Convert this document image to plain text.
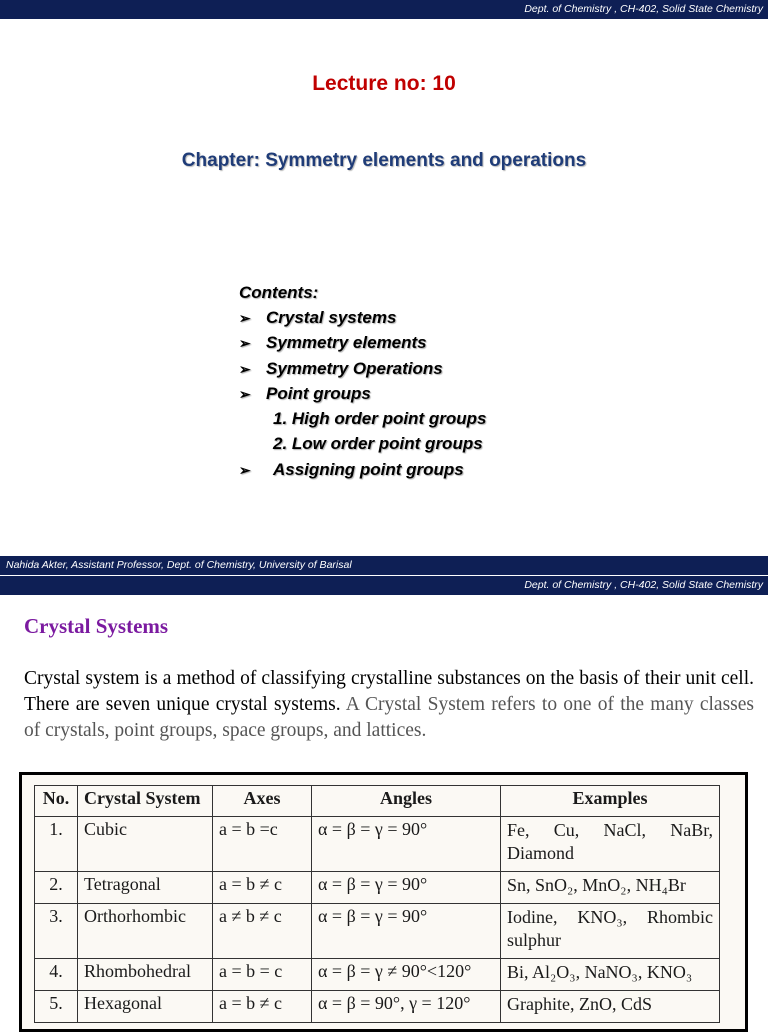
Dept. of Chemistry , CH-402, Solid State Chemistry
Lecture no: 10
Chapter: Symmetry elements and operations
Contents:
➢ Crystal systems
➢ Symmetry elements
➢ Symmetry Operations
➢ Point groups
1. High order point groups
2. Low order point groups
➢ Assigning point groups
Nahida Akter, Assistant Professor, Dept. of Chemistry, University of Barisal
Dept. of Chemistry , CH-402, Solid State Chemistry
Crystal Systems
Crystal system is a method of classifying crystalline substances on the basis of their unit cell. There are seven unique crystal systems. A Crystal System refers to one of the many classes of crystals, point groups, space groups, and lattices.
No.	Crystal System	Axes	Angles	Examples
1.	Cubic	a = b =c	α = β = γ = 90°	Fe, Cu, NaCl, NaBr, Diamond
2.	Tetragonal	a = b ≠ c	α = β = γ = 90°	Sn, SnO₂, MnO₂, NH₄Br
3.	Orthorhombic	a ≠ b ≠ c	α = β = γ = 90°	Iodine, KNO₃, Rhombic sulphur
4.	Rhombohedral	a = b = c	α = β = γ ≠ 90°<120°	Bi, Al₂O₃, NaNO₃, KNO₃
5.	Hexagonal	a = b ≠ c	α = β = 90°, γ = 120°	Graphite, ZnO, CdS
